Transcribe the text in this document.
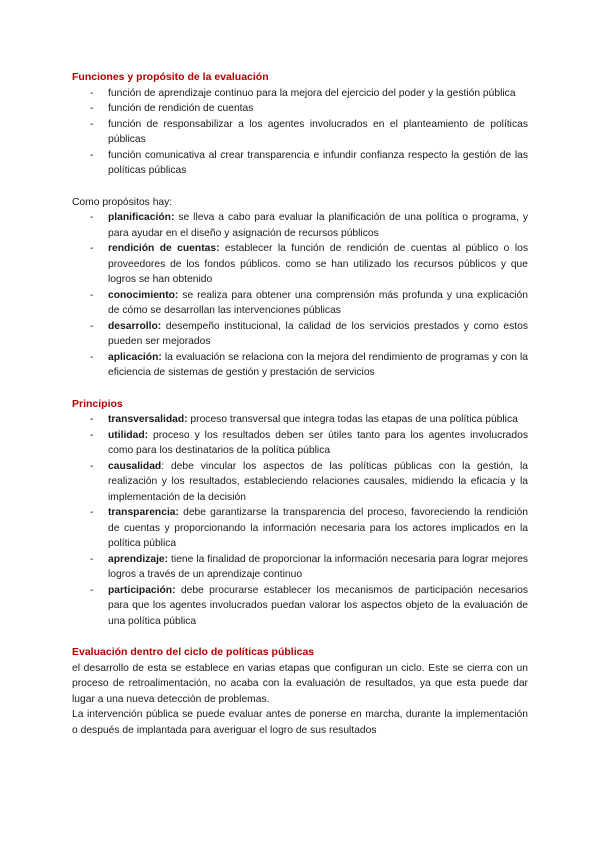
Funciones y propósito de la evaluación
- función de aprendizaje continuo para la mejora del ejercicio del poder y la gestión pública
- función de rendición de cuentas
- función de responsabilizar a los agentes involucrados en el planteamiento de políticas públicas
- función comunicativa al crear transparencia e infundir confianza respecto la gestión de las políticas públicas

Como propósitos hay:

- planificación: se lleva a cabo para evaluar la planificación de una política o programa, y para ayudar en el diseño y asignación de recursos públicos
- rendición de cuentas: establecer la función de rendición de cuentas al público o los proveedores de los fondos públicos. como se han utilizado los recursos públicos y que logros se han obtenido
- conocimiento: se realiza para obtener una comprensión más profunda y una explicación de cómo se desarrollan las intervenciones públicas
- desarrollo: desempeño institucional, la calidad de los servicios prestados y como estos pueden ser mejorados
- aplicación: la evaluación se relaciona con la mejora del rendimiento de programas y con la eficiencia de sistemas de gestión y prestación de servicios
Principios
- transversalidad: proceso transversal que integra todas las etapas de una política pública
- utilidad: proceso y los resultados deben ser útiles tanto para los agentes involucrados como para los destinatarios de la política pública
- causalidad: debe vincular los aspectos de las políticas públicas con la gestión, la realización y los resultados, estableciendo relaciones causales, midiendo la eficacia y la implementación de la decisión
- transparencia: debe garantizarse la transparencia del proceso, favoreciendo la rendición de cuentas y proporcionando la información necesaria para los actores implicados en la política pública
- aprendizaje: tiene la finalidad de proporcionar la información necesaria para lograr mejores logros a través de un aprendizaje continuo
- participación: debe procurarse establecer los mecanismos de participación necesarios para que los agentes involucrados puedan valorar los aspectos objeto de la evaluación de una política pública
Evaluación dentro del ciclo de políticas públicas

el desarrollo de esta se establece en varias etapas que configuran un ciclo. Este se cierra con un proceso de retroalimentación, no acaba con la evaluación de resultados, ya que esta puede dar lugar a una nueva detección de problemas.

La intervención pública se puede evaluar antes de ponerse en marcha, durante la implementación o después de implantada para averiguar el logro de sus resultados
